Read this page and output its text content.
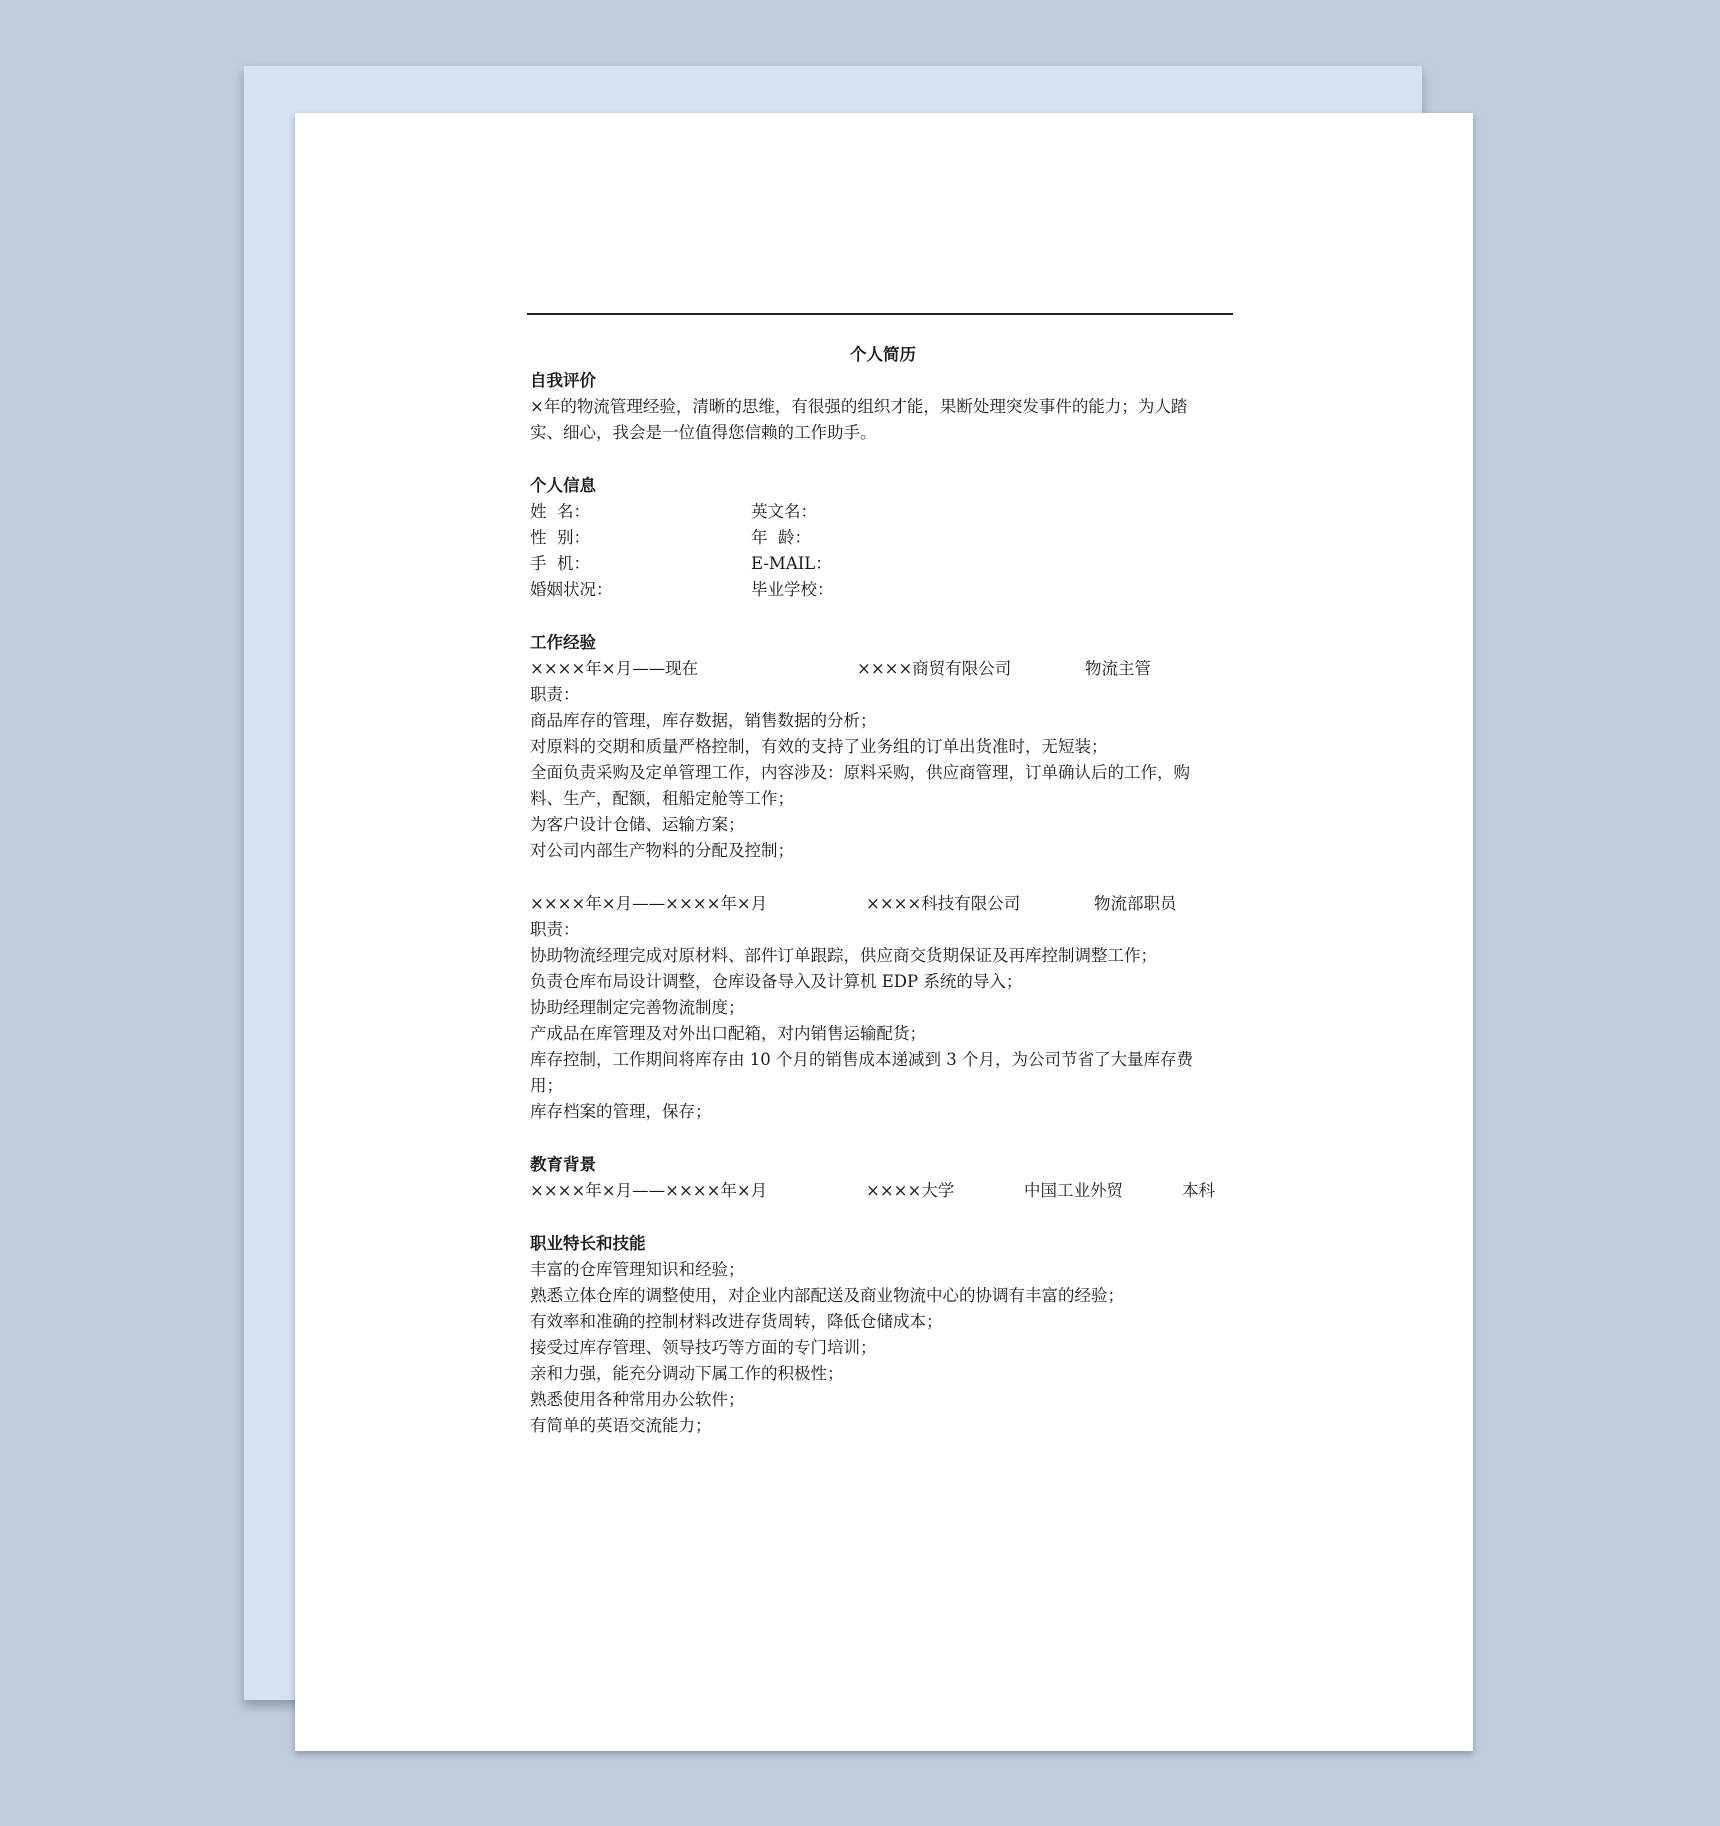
个人简历
自我评价
×年的物流管理经验，清晰的思维，有很强的组织才能，果断处理突发事件的能力；为人踏
实、细心，我会是一位值得您信赖的工作助手。
个人信息
姓  名：	英文名：
性  别：	年  龄：
手  机：	E-MAIL：
婚姻状况：	毕业学校：
工作经验
××××年×月——现在	××××商贸有限公司	物流主管
职责：
商品库存的管理，库存数据，销售数据的分析；
对原料的交期和质量严格控制，有效的支持了业务组的订单出货准时，无短装；
全面负责采购及定单管理工作，内容涉及：原料采购，供应商管理，订单确认后的工作，购
料、生产，配额，租船定舱等工作；
为客户设计仓储、运输方案；
对公司内部生产物料的分配及控制；
××××年×月——××××年×月	××××科技有限公司	物流部职员
职责：
协助物流经理完成对原材料、部件订单跟踪，供应商交货期保证及再库控制调整工作；
负责仓库布局设计调整，仓库设备导入及计算机 EDP 系统的导入；
协助经理制定完善物流制度；
产成品在库管理及对外出口配箱，对内销售运输配货；
库存控制，工作期间将库存由 10 个月的销售成本递减到 3 个月，为公司节省了大量库存费
用；
库存档案的管理，保存；
教育背景
××××年×月——××××年×月	××××大学	中国工业外贸	本科
职业特长和技能
丰富的仓库管理知识和经验；
熟悉立体仓库的调整使用，对企业内部配送及商业物流中心的协调有丰富的经验；
有效率和准确的控制材料改进存货周转，降低仓储成本；
接受过库存管理、领导技巧等方面的专门培训；
亲和力强，能充分调动下属工作的积极性；
熟悉使用各种常用办公软件；
有简单的英语交流能力；
